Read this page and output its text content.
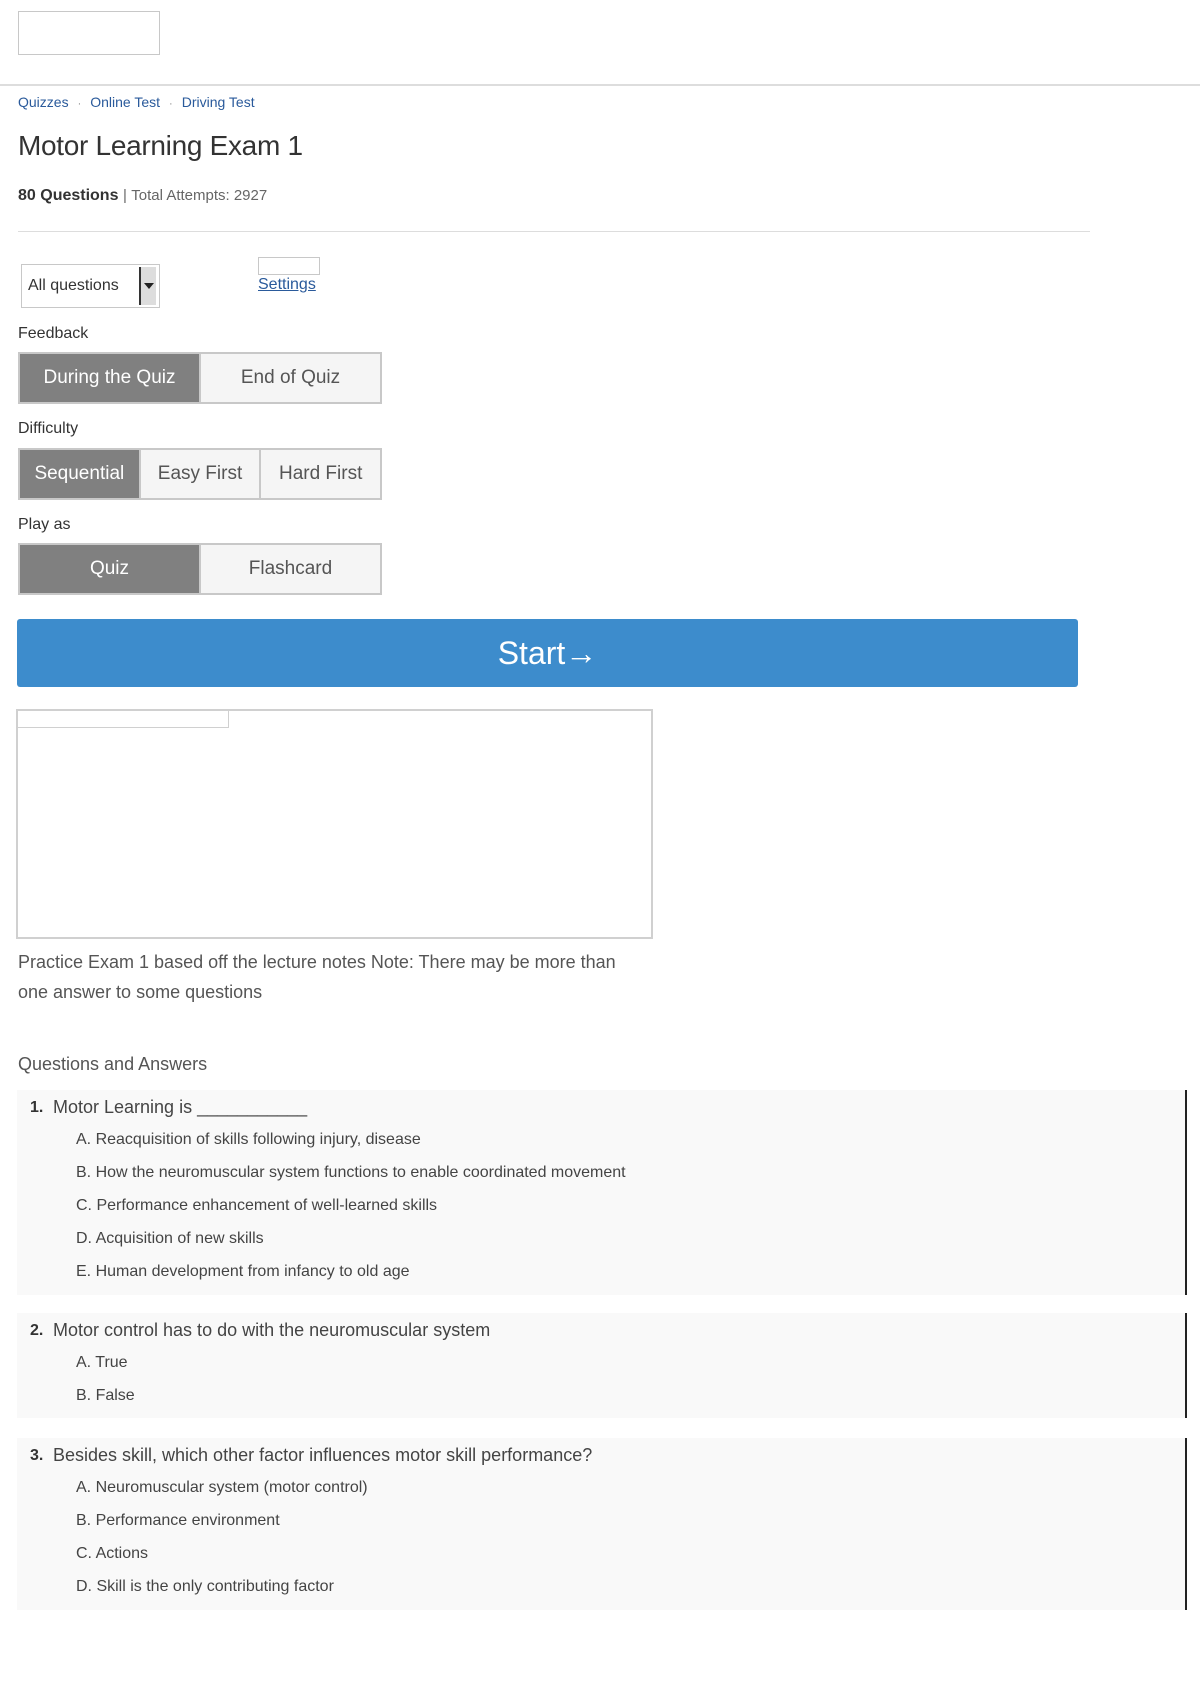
Quizzes · Online Test · Driving Test
Motor Learning Exam 1
80 Questions | Total Attempts: 2927
All questions	Settings
Feedback
During the Quiz	End of Quiz
Difficulty
Sequential	Easy First	Hard First
Play as
Quiz	Flashcard
Start→
Practice Exam 1 based off the lecture notes Note: There may be more than one answer to some questions
Questions and Answers
1. Motor Learning is ___________
A. Reacquisition of skills following injury, disease
B. How the neuromuscular system functions to enable coordinated movement
C. Performance enhancement of well-learned skills
D. Acquisition of new skills
E. Human development from infancy to old age
2. Motor control has to do with the neuromuscular system
A. True
B. False
3. Besides skill, which other factor influences motor skill performance?
A. Neuromuscular system (motor control)
B. Performance environment
C. Actions
D. Skill is the only contributing factor
